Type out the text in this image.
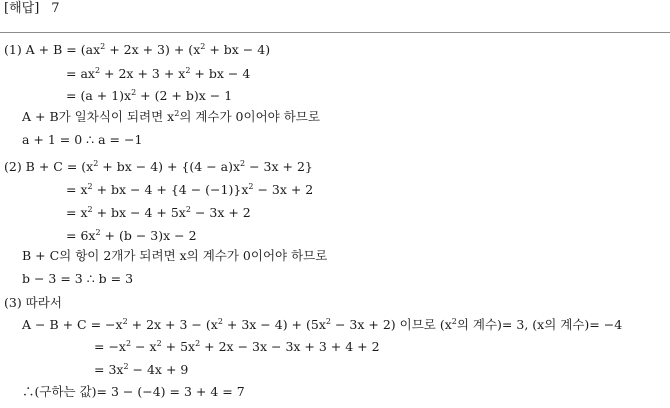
[해답] 7
(1) $A + B = (ax^2 + 2x + 3) + (x^2$ + bx − 4)
= $ax^2 + 2x + 3 + x^2$ + bx − 4
= $(a + 1)x^2 + (2 + b)x - 1$
A + B가 일차식이 되려면 $x^2$의 계수가 0이어야 하므로
a + 1 = 0 ∴ a = −1
(2) $B + C = (x^2$ + bx − $4) + \{(4 - a)x^2 - 3x + 2\}$
= $x^2$ + bx − $4 + \{4 - (-1)\}x^2 - 3x + 2$
= $x^2$ + bx − $4 + 5x^2 - 3x + 2$
= $6x^2 + (b - 3)x - 2$
B + C의 항이 2개가 되려면 x의 계수가 0이어야 하므로
b − 3 = 3 ∴ b = 3
(3) 따라서
$A - B + C = -x^2 + 2x + 3 - (x^2 + 3x - 4) + (5x^2 - 3x + 2)$ 이므로 ($x^2$의 계수)= 3, (x의 계수)= −4
= $-x^2 - x^2 + 5x^2 + 2x - 3x - 3x + 3 + 4 + 2$
= $3x^2 - 4x + 9$
∴(구하는 값)= 3 − (−4) = 3 + 4 = 7
